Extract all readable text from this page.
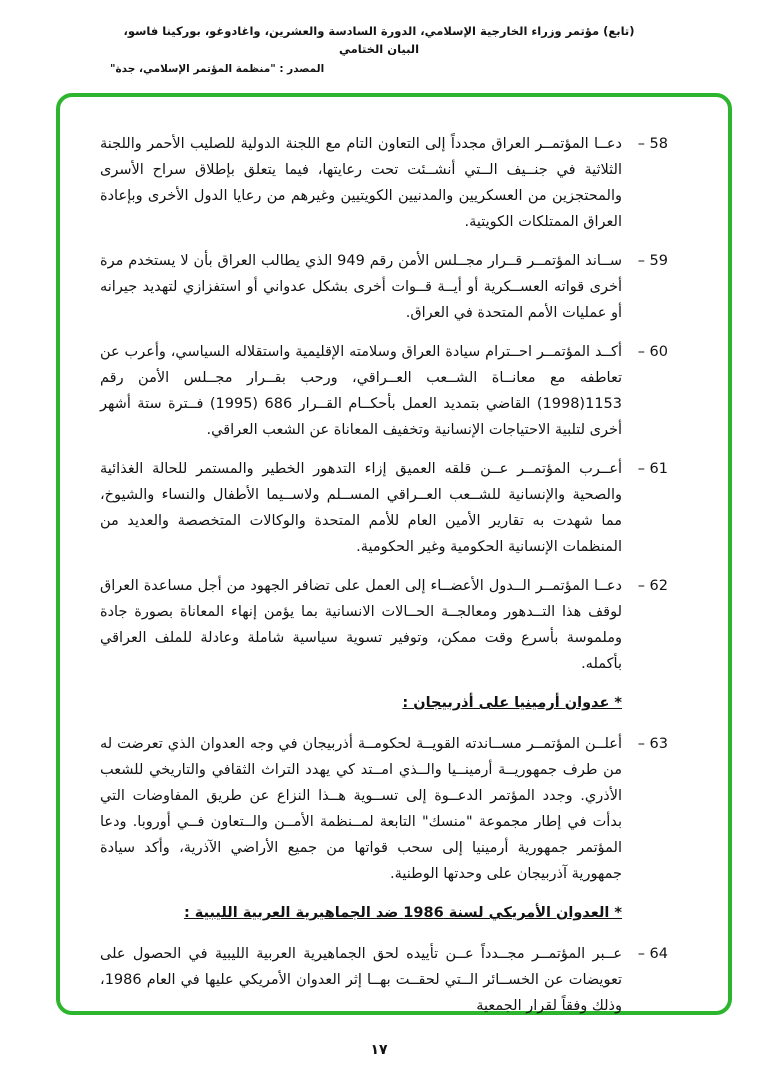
(تابع) مؤتمر وزراء الخارجية الإسلامي، الدورة السادسة والعشرين، واغادوغو، بوركينا فاسو، البيان الختامي
المصدر : "منظمة المؤتمر الإسلامي، جدة"
58 –
دعــا المؤتمــر العراق مجدداً إلى التعاون التام مع اللجنة الدولية للصليب الأحمر واللجنة الثلاثية في جنــيف الــتي أنشــئت تحت رعايتها، فيما يتعلق بإطلاق سراح الأسرى والمحتجزين من العسكريين والمدنيين الكويتيين وغيرهم من رعايا الدول الأخرى وبإعادة العراق الممتلكات الكويتية.
59 –
ســاند المؤتمــر قــرار مجــلس الأمن رقم 949 الذي يطالب العراق بأن لا يستخدم مرة أخرى قواته العســكرية أو أيــة قــوات أخرى بشكل عدواني أو استفزازي لتهديد جيرانه أو عمليات الأمم المتحدة في العراق.
60 –
أكــد المؤتمــر احــترام سيادة العراق وسلامته الإقليمية واستقلاله السياسي، وأعرب عن تعاطفه مع معانــاة الشــعب العــراقي، ورحب بقــرار مجــلس الأمن رقم 1153(1998) القاضي بتمديد العمل بأحكــام القــرار 686 (1995) فــترة ستة أشهر أخرى لتلبية الاحتياجات الإنسانية وتخفيف المعاناة عن الشعب العراقي.
61 –
أعــرب المؤتمــر عــن قلقه العميق إزاء التدهور الخطير والمستمر للحالة الغذائية والصحية والإنسانية للشــعب العــراقي المســلم ولاســيما الأطفال والنساء والشيوخ، مما شهدت به تقارير الأمين العام للأمم المتحدة والوكالات المتخصصة والعديد من المنظمات الإنسانية الحكومية وغير الحكومية.
62 –
دعــا المؤتمــر الــدول الأعضــاء إلى العمل على تضافر الجهود من أجل مساعدة العراق لوقف هذا التــدهور ومعالجــة الحــالات الانسانية بما يؤمن إنهاء المعاناة بصورة جادة وملموسة بأسرع وقت ممكن، وتوفير تسوية سياسية شاملة وعادلة للملف العراقي بأكمله.
* عدوان أرمينيا على أذربيجان :
63 –
أعلــن المؤتمــر مســاندته القويــة لحكومــة أذربيجان في وجه العدوان الذي تعرضت له من طرف جمهوريــة أرمينــيا والــذي امــتد كي يهدد التراث الثقافي والتاريخي للشعب الأذري. وجدد المؤتمر الدعــوة إلى تســوية هــذا النزاع عن طريق المفاوضات التي بدأت في إطار مجموعة "منسك" التابعة لمــنظمة الأمــن والــتعاون فــي أوروبا. ودعا المؤتمر جمهورية أرمينيا إلى سحب قواتها من جميع الأراضي الآذرية، وأكد سيادة جمهورية آذربيجان على وحدتها الوطنية.
* العدوان الأمريكي لسنة 1986 ضد الجماهيرية العربية الليبية :
64 –
عــبر المؤتمــر مجــدداً عــن تأييده لحق الجماهيرية العربية الليبية في الحصول على تعويضات عن الخســائر الــتي لحقــت بهــا إثر العدوان الأمريكي عليها في العام 1986، وذلك وفقاً لقرار الجمعية
١٧
